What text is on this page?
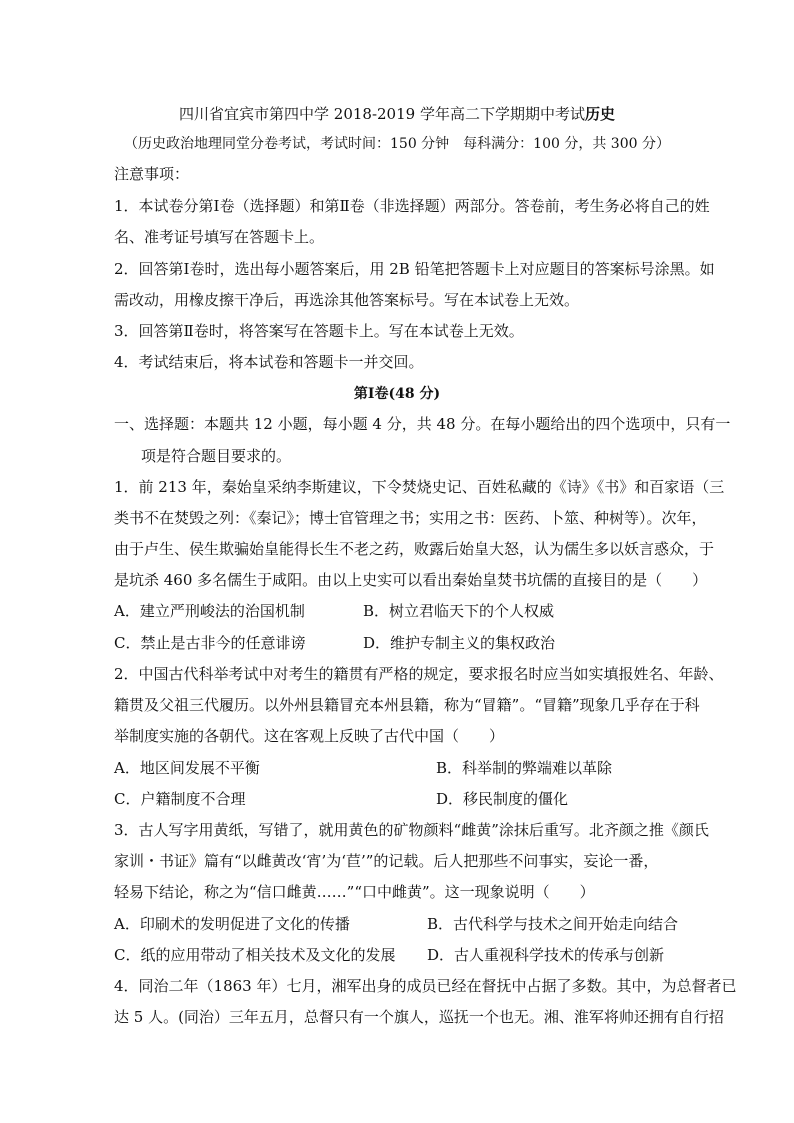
四川省宜宾市第四中学 2018-2019 学年高二下学期期中考试历史
（历史政治地理同堂分卷考试，考试时间：150 分钟　每科满分：100 分，共 300 分）
注意事项：
1．本试卷分第Ⅰ卷（选择题）和第Ⅱ卷（非选择题）两部分。答卷前，考生务必将自己的姓
名、准考证号填写在答题卡上。
2．回答第Ⅰ卷时，选出每小题答案后，用 2B 铅笔把答题卡上对应题目的答案标号涂黑。如
需改动，用橡皮擦干净后，再选涂其他答案标号。写在本试卷上无效。
3．回答第Ⅱ卷时，将答案写在答题卡上。写在本试卷上无效。
4．考试结束后，将本试卷和答题卡一并交回。
第Ⅰ卷(48 分)
一、选择题：本题共 12 小题，每小题 4 分，共 48 分。在每小题给出的四个选项中，只有一
项是符合题目要求的。
1．前 213 年，秦始皇采纳李斯建议，下令焚烧史记、百姓私藏的《诗》《书》和百家语（三
类书不在焚毁之列：《秦记》；博士官管理之书；实用之书：医药、卜筮、种树等）。次年，
由于卢生、侯生欺骗始皇能得长生不老之药，败露后始皇大怒，认为儒生多以妖言惑众，于
是坑杀 460 多名儒生于咸阳。由以上史实可以看出秦始皇焚书坑儒的直接目的是（　　）
A．建立严刑峻法的治国机制	B．树立君临天下的个人权威
C．禁止是古非今的任意诽谤	D．维护专制主义的集权政治
2．中国古代科举考试中对考生的籍贯有严格的规定，要求报名时应当如实填报姓名、年龄、
籍贯及父祖三代履历。以外州县籍冒充本州县籍，称为“冒籍”。“冒籍”现象几乎存在于科
举制度实施的各朝代。这在客观上反映了古代中国（　　）
A．地区间发展不平衡	B．科举制的弊端难以革除
C．户籍制度不合理	D．移民制度的僵化
3．古人写字用黄纸，写错了，就用黄色的矿物颜料“雌黄”涂抹后重写。北齐颜之推《颜氏
家训・书证》篇有“以雌黄改‘宵’为‘苣’”的记载。后人把那些不问事实，妄论一番，
轻易下结论，称之为“信口雌黄……”“口中雌黄”。这一现象说明（　　）
A．印刷术的发明促进了文化的传播	B．古代科学与技术之间开始走向结合
C．纸的应用带动了相关技术及文化的发展	D．古人重视科学技术的传承与创新
4．同治二年（1863 年）七月，湘军出身的成员已经在督抚中占据了多数。其中，为总督者已
达 5 人。(同治）三年五月，总督只有一个旗人，巡抚一个也无。湘、淮军将帅还拥有自行招
